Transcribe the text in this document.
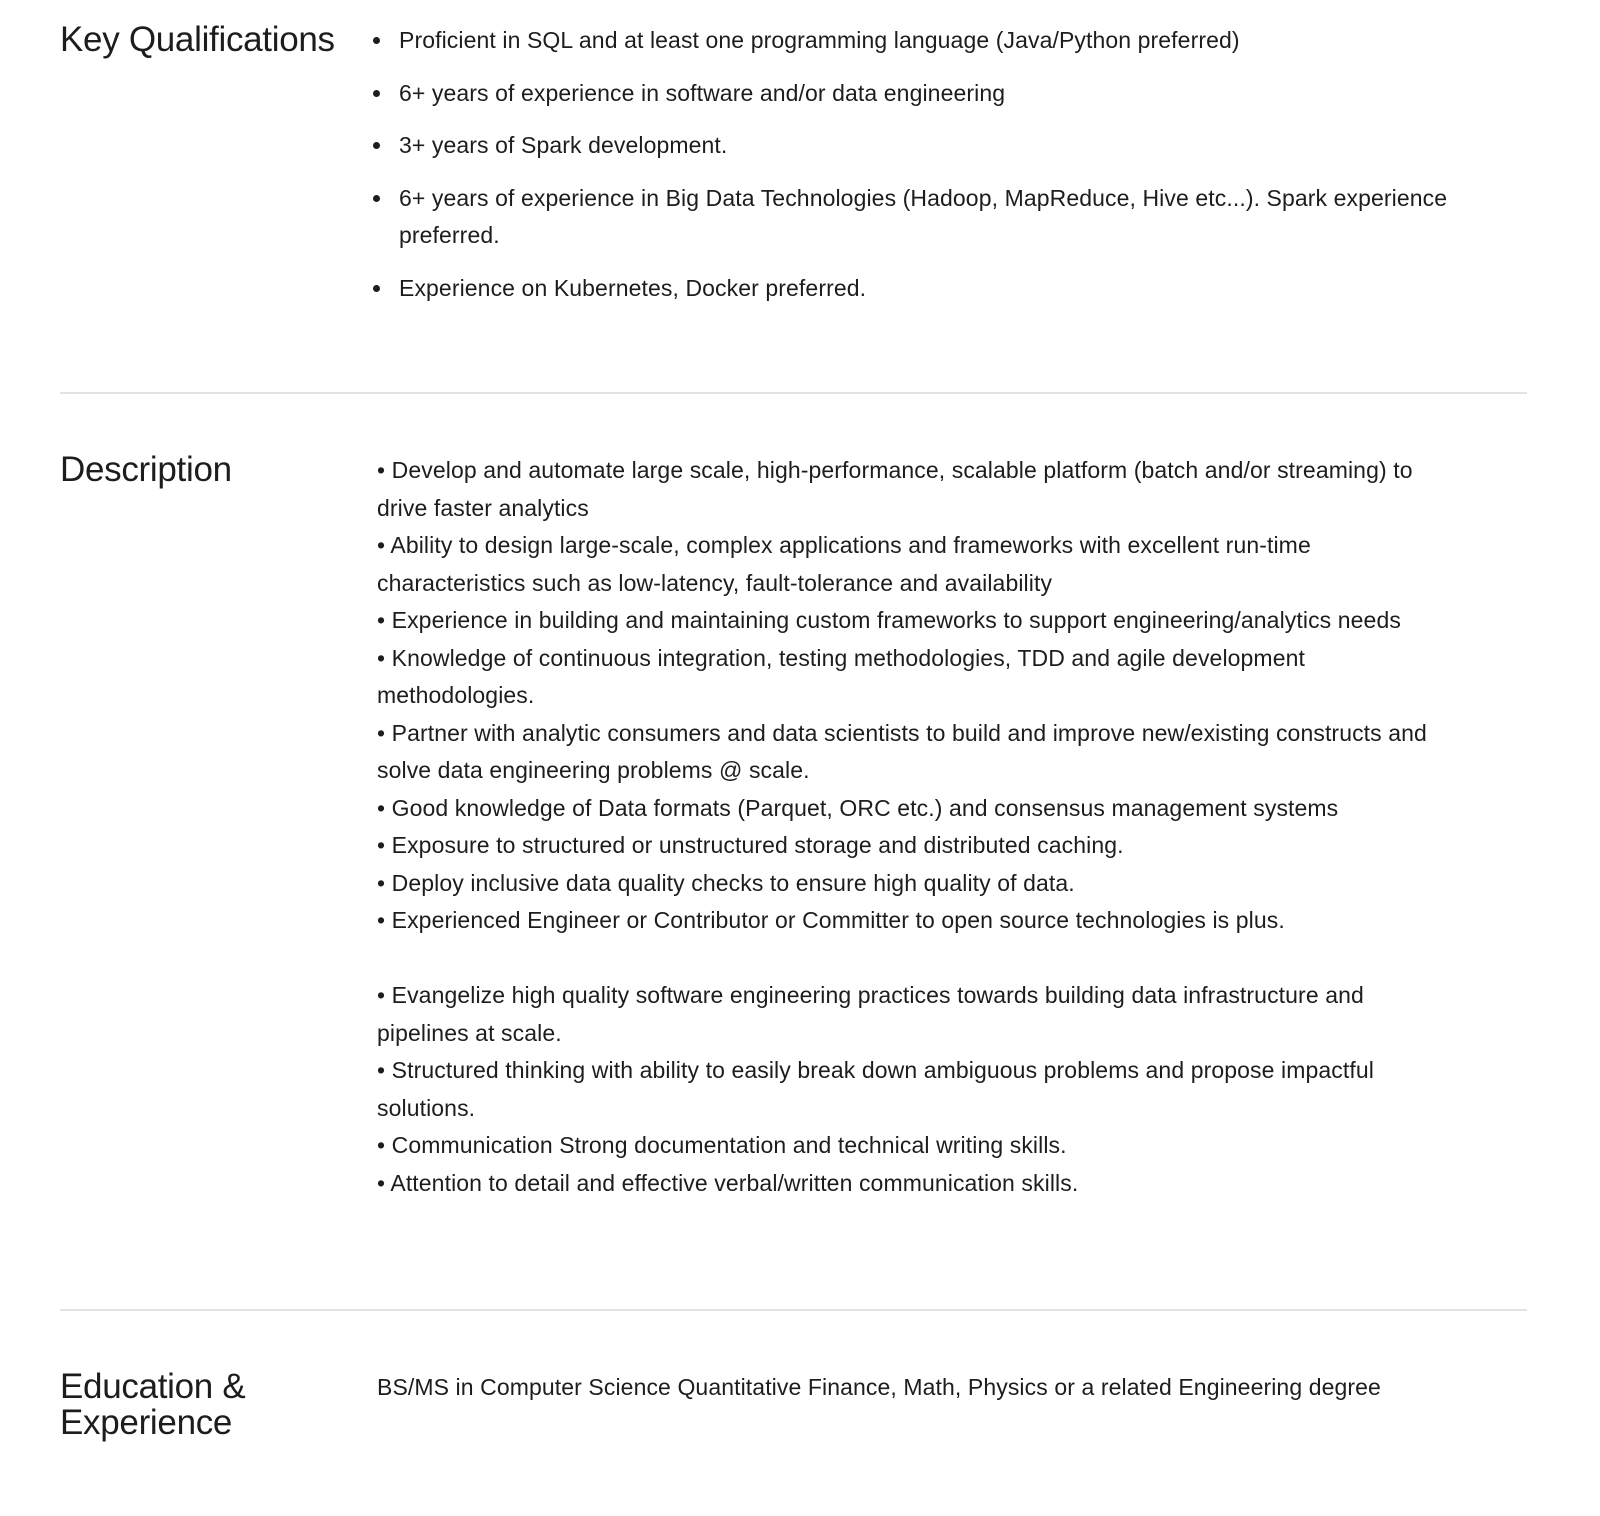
Key Qualifications	Proficient in SQL and at least one programming language (Java/Python preferred)
6+ years of experience in software and/or data engineering
3+ years of Spark development.
6+ years of experience in Big Data Technologies (Hadoop, MapReduce, Hive etc...). Spark experience preferred.
Experience on Kubernetes, Docker preferred.
Description	• Develop and automate large scale, high-performance, scalable platform (batch and/or streaming) to drive faster analytics
• Ability to design large-scale, complex applications and frameworks with excellent run-time characteristics such as low-latency, fault-tolerance and availability
• Experience in building and maintaining custom frameworks to support engineering/analytics needs
• Knowledge of continuous integration, testing methodologies, TDD and agile development methodologies.
• Partner with analytic consumers and data scientists to build and improve new/existing constructs and solve data engineering problems @ scale.
• Good knowledge of Data formats (Parquet, ORC etc.) and consensus management systems
• Exposure to structured or unstructured storage and distributed caching.
• Deploy inclusive data quality checks to ensure high quality of data.
• Experienced Engineer or Contributor or Committer to open source technologies is plus.
• Evangelize high quality software engineering practices towards building data infrastructure and pipelines at scale.
• Structured thinking with ability to easily break down ambiguous problems and propose impactful solutions.
• Communication Strong documentation and technical writing skills.
• Attention to detail and effective verbal/written communication skills.
Education &
Experience
BS/MS in Computer Science Quantitative Finance, Math, Physics or a related Engineering degree
